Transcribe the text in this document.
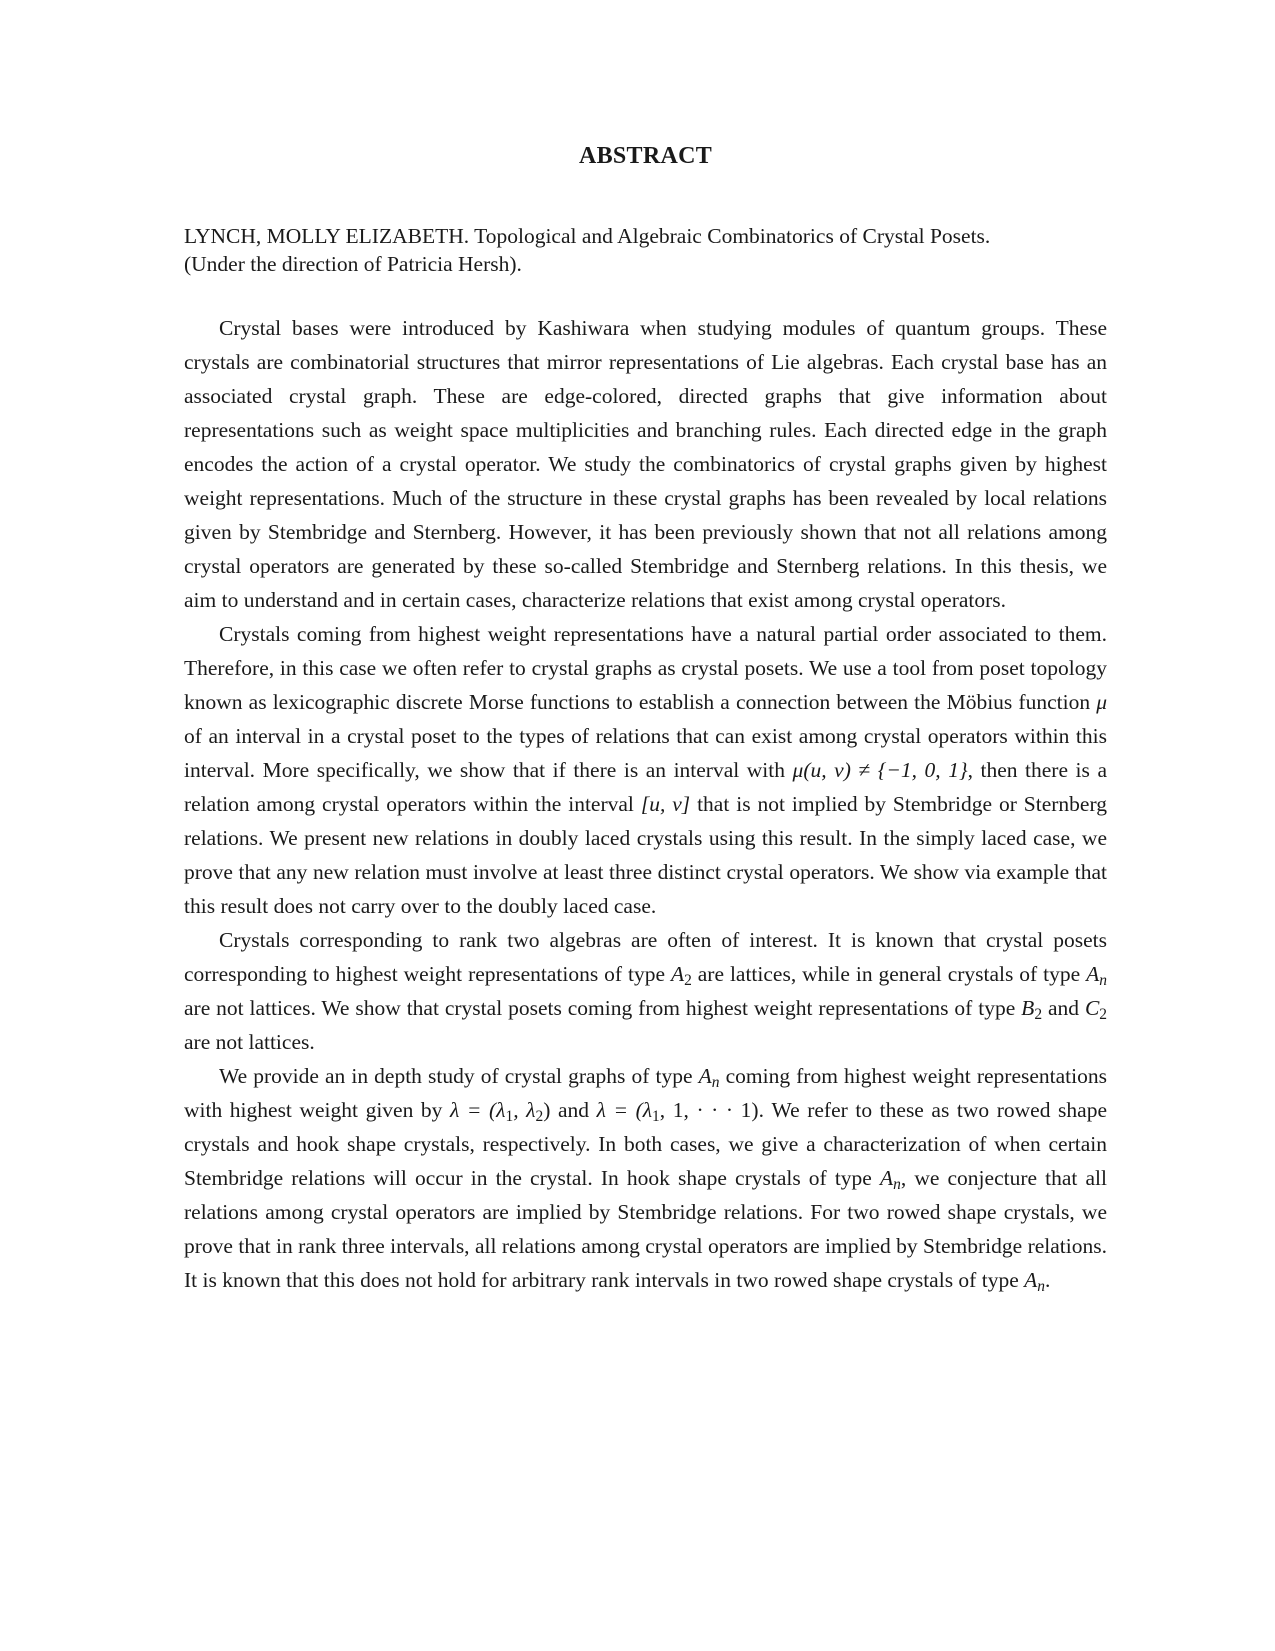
ABSTRACT
LYNCH, MOLLY ELIZABETH. Topological and Algebraic Combinatorics of Crystal Posets.
(Under the direction of Patricia Hersh).

Crystal bases were introduced by Kashiwara when studying modules of quantum groups. These crystals are combinatorial structures that mirror representations of Lie algebras. Each crystal base has an associated crystal graph. These are edge-colored, directed graphs that give information about representations such as weight space multiplicities and branching rules. Each directed edge in the graph encodes the action of a crystal operator. We study the combinatorics of crystal graphs given by highest weight representations. Much of the structure in these crystal graphs has been revealed by local relations given by Stembridge and Sternberg. However, it has been previously shown that not all relations among crystal operators are generated by these so-called Stembridge and Sternberg relations. In this thesis, we aim to understand and in certain cases, characterize relations that exist among crystal operators.

Crystals coming from highest weight representations have a natural partial order associated to them. Therefore, in this case we often refer to crystal graphs as crystal posets. We use a tool from poset topology known as lexicographic discrete Morse functions to establish a connection between the Möbius function μ of an interval in a crystal poset to the types of relations that can exist among crystal operators within this interval. More specifically, we show that if there is an interval with μ(u, v) ≠ {−1, 0, 1}, then there is a relation among crystal operators within the interval [u, v] that is not implied by Stembridge or Sternberg relations. We present new relations in doubly laced crystals using this result. In the simply laced case, we prove that any new relation must involve at least three distinct crystal operators. We show via example that this result does not carry over to the doubly laced case.

Crystals corresponding to rank two algebras are often of interest. It is known that crystal posets corresponding to highest weight representations of type $A_2$ are lattices, while in general crystals of type $A_n$ are not lattices. We show that crystal posets coming from highest weight representations of type $B_2$ and $C_2$ are not lattices.

We provide an in depth study of crystal graphs of type $A_n$ coming from highest weight representations with highest weight given by $\lambda = (\lambda_1$, $\lambda_2$) and $\lambda = (\lambda_1$, 1, · · · 1). We refer to these as two rowed shape crystals and hook shape crystals, respectively. In both cases, we give a characterization of when certain Stembridge relations will occur in the crystal. In hook shape crystals of type $A_n$, we conjecture that all relations among crystal operators are implied by Stembridge relations. For two rowed shape crystals, we prove that in rank three intervals, all relations among crystal operators are implied by Stembridge relations. It is known that this does not hold for arbitrary rank intervals in two rowed shape crystals of type $A_n$.
